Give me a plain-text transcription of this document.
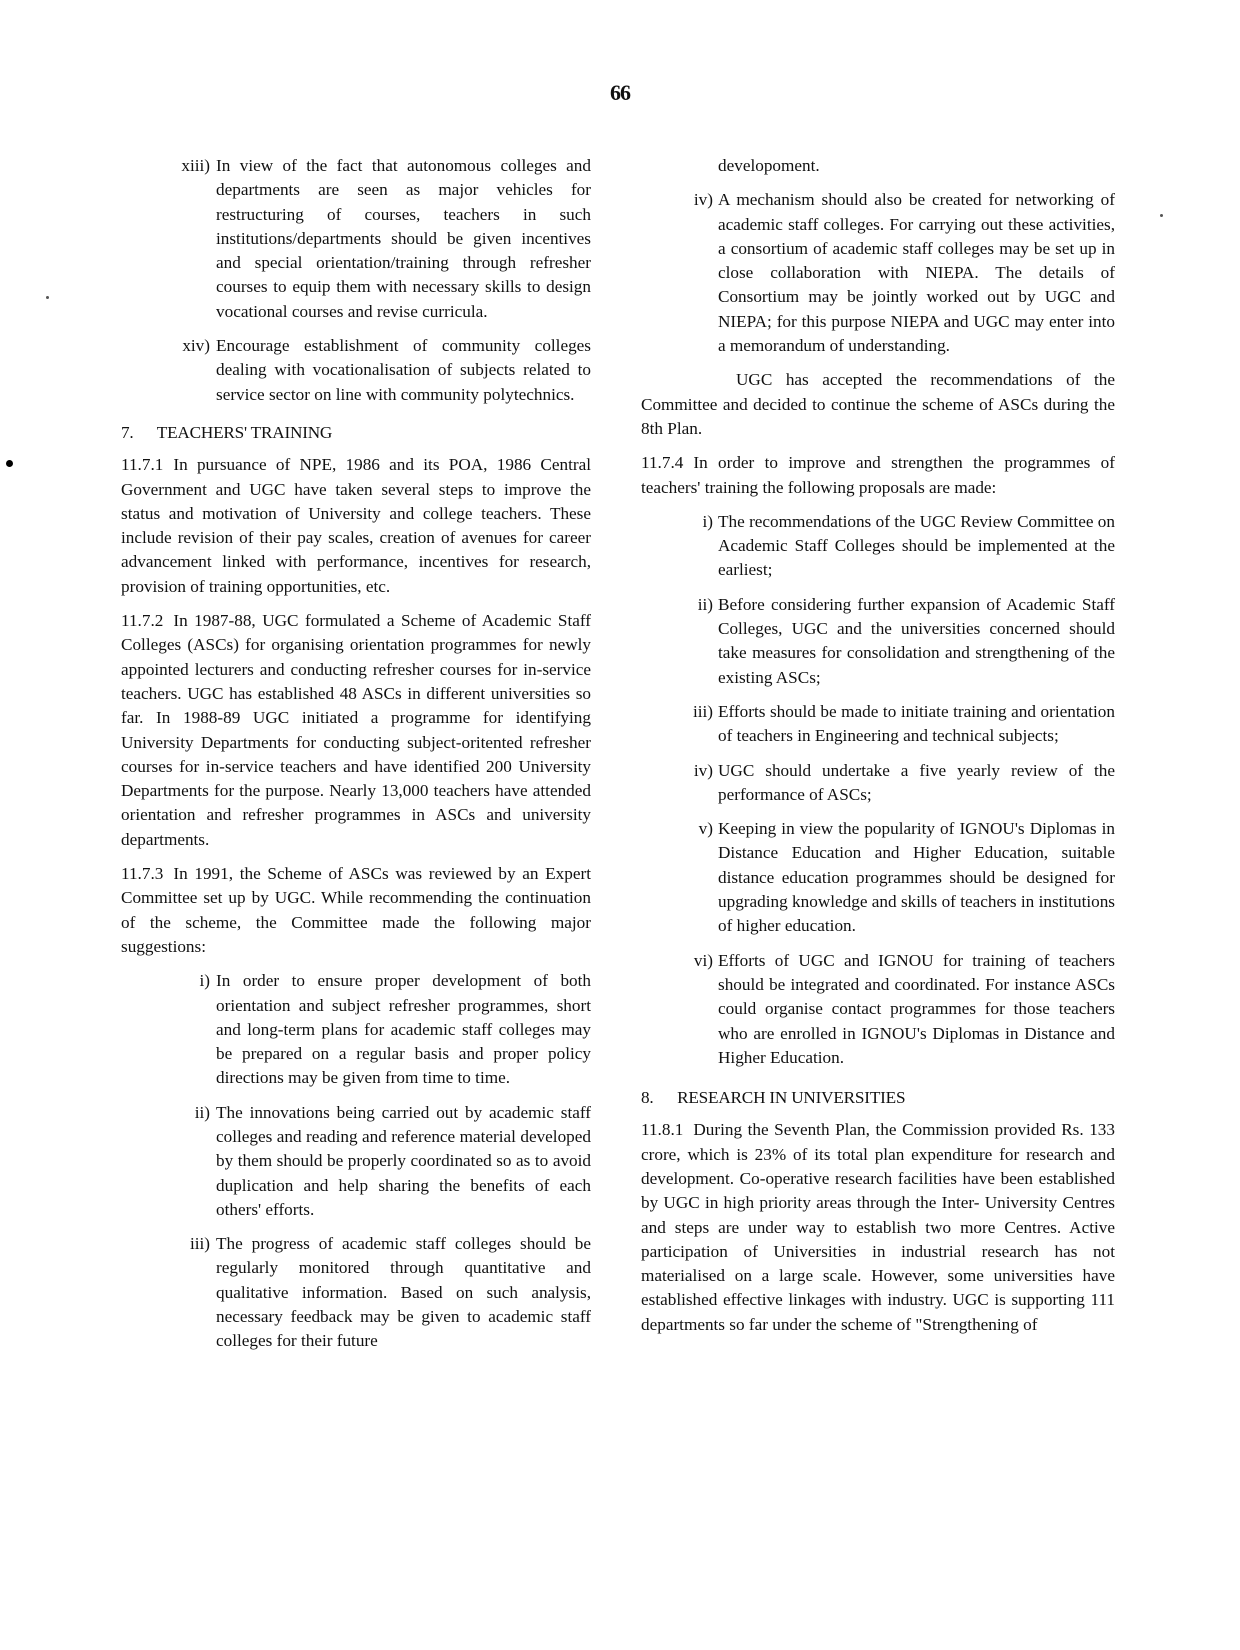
66
xiii) In view of the fact that autonomous colleges and departments are seen as major vehicles for restructuring of courses, teachers in such institutions/departments should be given incentives and special orientation/training through refresher courses to equip them with necessary skills to design vocational courses and revise curricula.
xiv) Encourage establishment of community colleges dealing with vocationalisation of subjects related to service sector on line with community polytechnics.
7. TEACHERS' TRAINING
11.7.1 In pursuance of NPE, 1986 and its POA, 1986 Central Government and UGC have taken several steps to improve the status and motivation of University and college teachers. These include revision of their pay scales, creation of avenues for career advancement linked with performance, incentives for research, provision of training opportunities, etc.
11.7.2 In 1987-88, UGC formulated a Scheme of Academic Staff Colleges (ASCs) for organising orientation programmes for newly appointed lecturers and conducting refresher courses for in-service teachers. UGC has established 48 ASCs in different universities so far. In 1988-89 UGC initiated a programme for identifying University Departments for conducting subject-oritented refresher courses for in-service teachers and have identified 200 University Departments for the purpose. Nearly 13,000 teachers have attended orientation and refresher programmes in ASCs and university departments.
11.7.3 In 1991, the Scheme of ASCs was reviewed by an Expert Committee set up by UGC. While recommending the continuation of the scheme, the Committee made the following major suggestions:
i) In order to ensure proper development of both orientation and subject refresher programmes, short and long-term plans for academic staff colleges may be prepared on a regular basis and proper policy directions may be given from time to time.
ii) The innovations being carried out by academic staff colleges and reading and reference material developed by them should be properly coordinated so as to avoid duplication and help sharing the benefits of each others' efforts.
iii) The progress of academic staff colleges should be regularly monitored through quantitative and qualitative information. Based on such analysis, necessary feedback may be given to academic staff colleges for their future
developoment.
iv) A mechanism should also be created for networking of academic staff colleges. For carrying out these activities, a consortium of academic staff colleges may be set up in close collaboration with NIEPA. The details of Consortium may be jointly worked out by UGC and NIEPA; for this purpose NIEPA and UGC may enter into a memorandum of understanding.
UGC has accepted the recommendations of the Committee and decided to continue the scheme of ASCs during the 8th Plan.
11.7.4 In order to improve and strengthen the programmes of teachers' training the following proposals are made:
i) The recommendations of the UGC Review Committee on Academic Staff Colleges should be implemented at the earliest;
ii) Before considering further expansion of Academic Staff Colleges, UGC and the universities concerned should take measures for consolidation and strengthening of the existing ASCs;
iii) Efforts should be made to initiate training and orientation of teachers in Engineering and technical subjects;
iv) UGC should undertake a five yearly review of the performance of ASCs;
v) Keeping in view the popularity of IGNOU's Diplomas in Distance Education and Higher Education, suitable distance education programmes should be designed for upgrading knowledge and skills of teachers in institutions of higher education.
vi) Efforts of UGC and IGNOU for training of teachers should be integrated and coordinated. For instance ASCs could organise contact programmes for those teachers who are enrolled in IGNOU's Diplomas in Distance and Higher Education.
8. RESEARCH IN UNIVERSITIES
11.8.1 During the Seventh Plan, the Commission provided Rs. 133 crore, which is 23% of its total plan expenditure for research and development. Co-operative research facilities have been established by UGC in high priority areas through the Inter- University Centres and steps are under way to establish two more Centres. Active participation of Universities in industrial research has not materialised on a large scale. However, some universities have established effective linkages with industry. UGC is supporting 111 departments so far under the scheme of "Strengthening of
